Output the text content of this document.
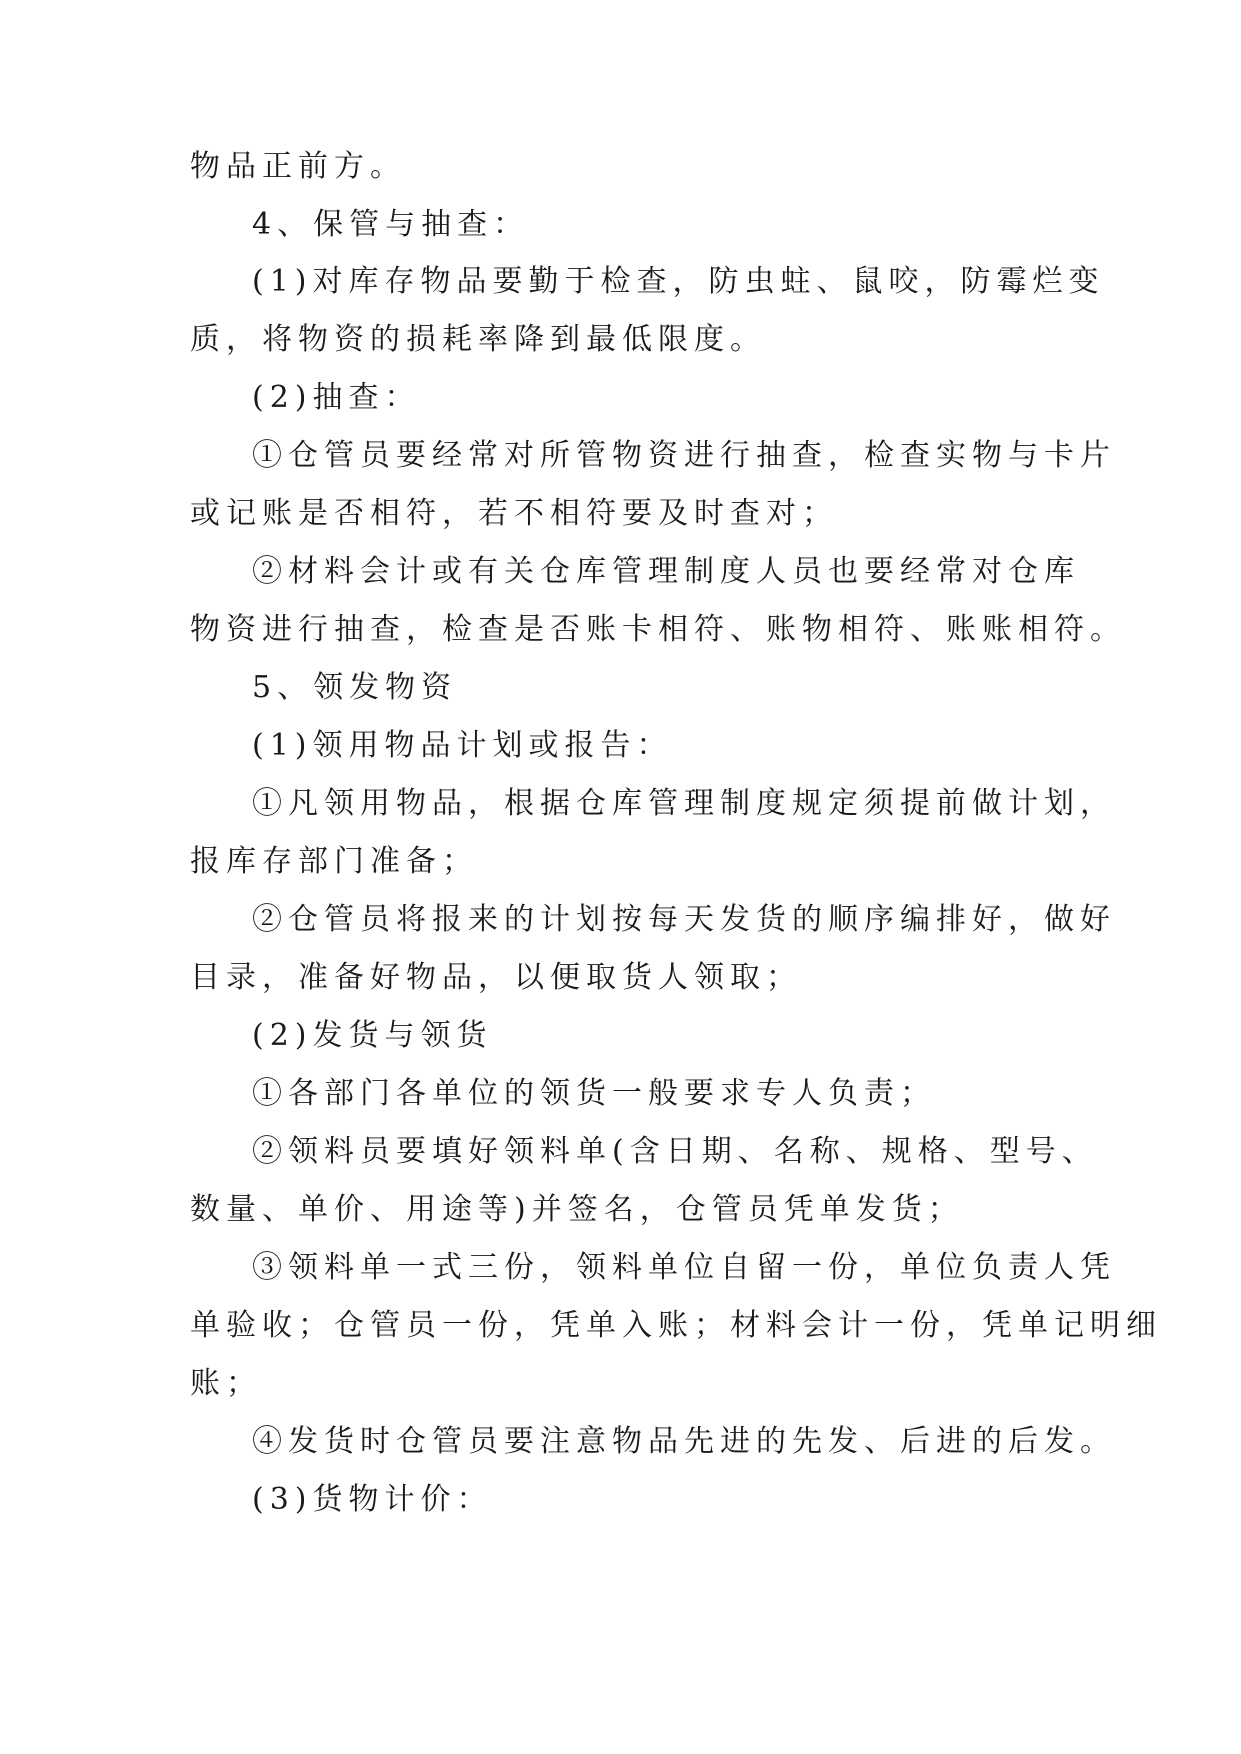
物品正前方。
4、保管与抽查：
(1)对库存物品要勤于检查，防虫蛀、鼠咬，防霉烂变
质，将物资的损耗率降到最低限度。
(2)抽查：
①仓管员要经常对所管物资进行抽查，检查实物与卡片
或记账是否相符，若不相符要及时查对；
②材料会计或有关仓库管理制度人员也要经常对仓库
物资进行抽查，检查是否账卡相符、账物相符、账账相符。
5、领发物资
(1)领用物品计划或报告：
①凡领用物品，根据仓库管理制度规定须提前做计划，
报库存部门准备；
②仓管员将报来的计划按每天发货的顺序编排好，做好
目录，准备好物品，以便取货人领取；
(2)发货与领货
①各部门各单位的领货一般要求专人负责；
②领料员要填好领料单(含日期、名称、规格、型号、
数量、单价、用途等)并签名，仓管员凭单发货；
③领料单一式三份，领料单位自留一份，单位负责人凭
单验收；仓管员一份，凭单入账；材料会计一份，凭单记明细
账；
④发货时仓管员要注意物品先进的先发、后进的后发。
(3)货物计价：
